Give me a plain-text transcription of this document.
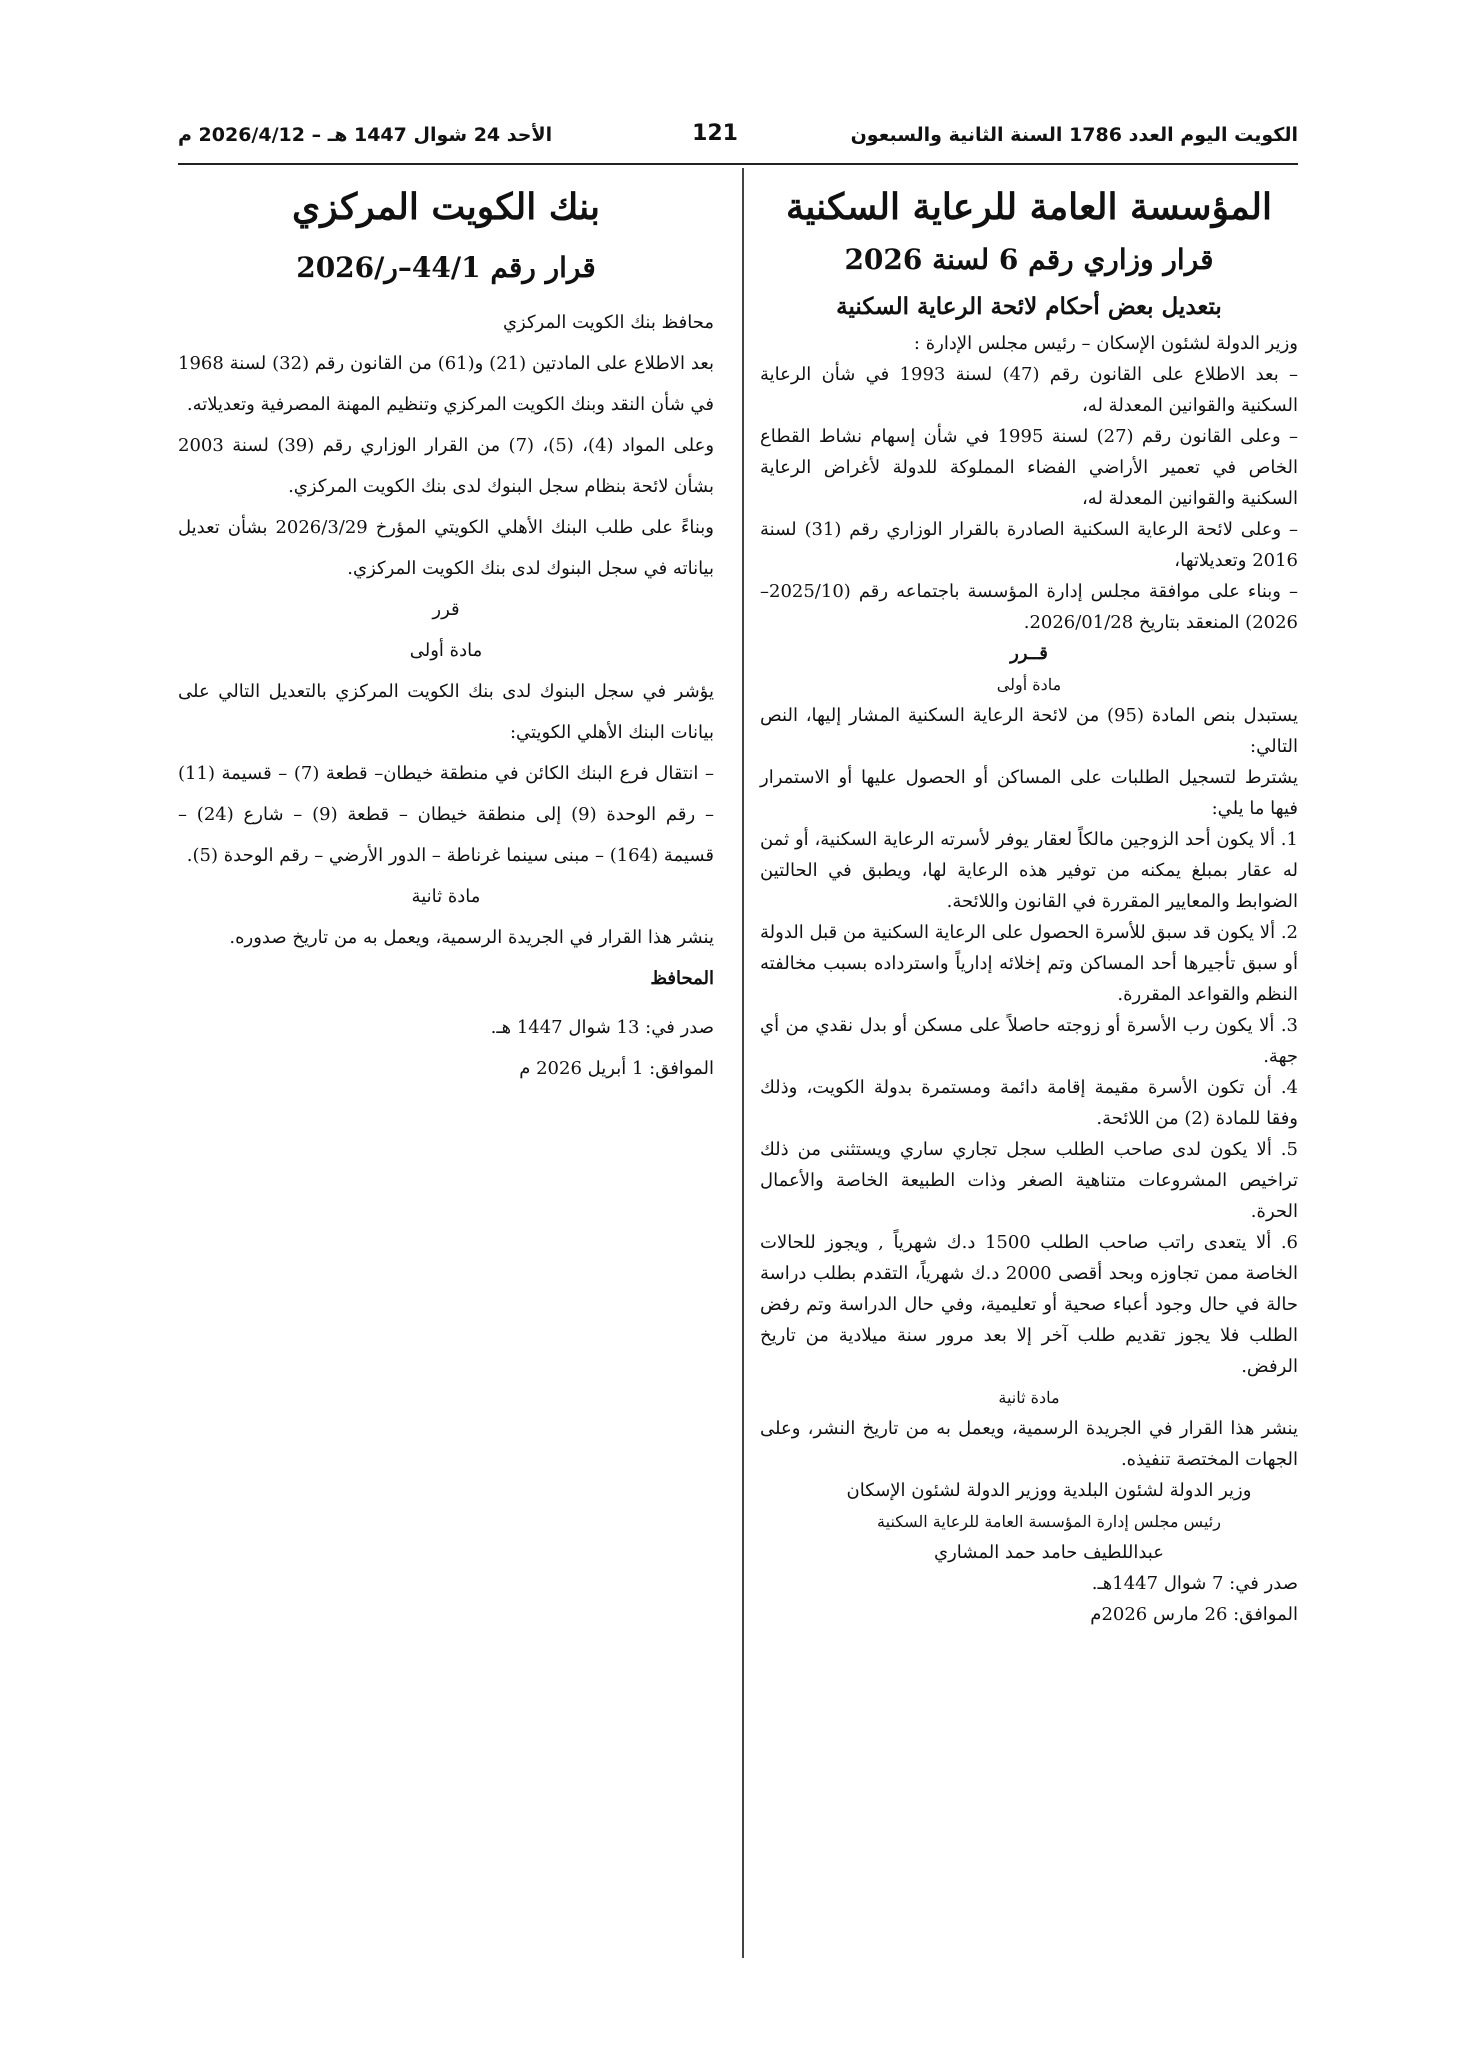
الكويت اليوم العدد 1786 السنة الثانية والسبعون
121
الأحد 24 شوال 1447 هـ – 2026/4/12 م

المؤسسة العامة للرعاية السكنية

قرار وزاري رقم 6 لسنة 2026

بتعديل بعض أحكام لائحة الرعاية السكنية

وزير الدولة لشئون الإسكان – رئيس مجلس الإدارة :

– بعد الاطلاع على القانون رقم (47) لسنة 1993 في شأن الرعاية السكنية والقوانين المعدلة له،

– وعلى القانون رقم (27) لسنة 1995 في شأن إسهام نشاط القطاع الخاص في تعمير الأراضي الفضاء المملوكة للدولة لأغراض الرعاية السكنية والقوانين المعدلة له،

– وعلى لائحة الرعاية السكنية الصادرة بالقرار الوزاري رقم (31) لسنة 2016 وتعديلاتها،

– وبناء على موافقة مجلس إدارة المؤسسة باجتماعه رقم (2025/10–2026) المنعقد بتاريخ 2026/01/28.

قــرر

مادة أولى

يستبدل بنص المادة (95) من لائحة الرعاية السكنية المشار إليها، النص التالي:

يشترط لتسجيل الطلبات على المساكن أو الحصول عليها أو الاستمرار فيها ما يلي:

1. ألا يكون أحد الزوجين مالكاً لعقار يوفر لأسرته الرعاية السكنية، أو ثمن له عقار بمبلغ يمكنه من توفير هذه الرعاية لها، ويطبق في الحالتين الضوابط والمعايير المقررة في القانون واللائحة.

2. ألا يكون قد سبق للأسرة الحصول على الرعاية السكنية من قبل الدولة أو سبق تأجيرها أحد المساكن وتم إخلائه إدارياً واسترداده بسبب مخالفته النظم والقواعد المقررة.

3. ألا يكون رب الأسرة أو زوجته حاصلاً على مسكن أو بدل نقدي من أي جهة.

4. أن تكون الأسرة مقيمة إقامة دائمة ومستمرة بدولة الكويت، وذلك وفقا للمادة (2) من اللائحة.

5. ألا يكون لدى صاحب الطلب سجل تجاري ساري ويستثنى من ذلك تراخيص المشروعات متناهية الصغر وذات الطبيعة الخاصة والأعمال الحرة.

6. ألا يتعدى راتب صاحب الطلب 1500 د.ك شهرياً , ويجوز للحالات الخاصة ممن تجاوزه وبحد أقصى 2000 د.ك شهرياً، التقدم بطلب دراسة حالة في حال وجود أعباء صحية أو تعليمية، وفي حال الدراسة وتم رفض الطلب فلا يجوز تقديم طلب آخر إلا بعد مرور سنة ميلادية من تاريخ الرفض.

مادة ثانية

ينشر هذا القرار في الجريدة الرسمية، ويعمل به من تاريخ النشر، وعلى الجهات المختصة تنفيذه.

وزير الدولة لشئون البلدية ووزير الدولة لشئون الإسكان

رئيس مجلس إدارة المؤسسة العامة للرعاية السكنية

عبداللطيف حامد حمد المشاري

صدر في: 7 شوال 1447هـ.

الموافق: 26 مارس 2026م

بنك الكويت المركزي

قرار رقم 44/1–ر/2026

محافظ بنك الكويت المركزي

بعد الاطلاع على المادتين (21) و(61) من القانون رقم (32) لسنة 1968 في شأن النقد وبنك الكويت المركزي وتنظيم المهنة المصرفية وتعديلاته.

وعلى المواد (4)، (5)، (7) من القرار الوزاري رقم (39) لسنة 2003 بشأن لائحة بنظام سجل البنوك لدى بنك الكويت المركزي.

وبناءً على طلب البنك الأهلي الكويتي المؤرخ 2026/3/29 بشأن تعديل بياناته في سجل البنوك لدى بنك الكويت المركزي.

قرر

مادة أولى

يؤشر في سجل البنوك لدى بنك الكويت المركزي بالتعديل التالي على بيانات البنك الأهلي الكويتي:

– انتقال فرع البنك الكائن في منطقة خيطان– قطعة (7) – قسيمة (11) – رقم الوحدة (9) إلى منطقة خيطان – قطعة (9) – شارع (24) – قسيمة (164) – مبنى سينما غرناطة – الدور الأرضي – رقم الوحدة (5).

مادة ثانية

ينشر هذا القرار في الجريدة الرسمية، ويعمل به من تاريخ صدوره.

المحافظ

صدر في: 13 شوال 1447 هـ.

الموافق: 1 أبريل 2026 م
